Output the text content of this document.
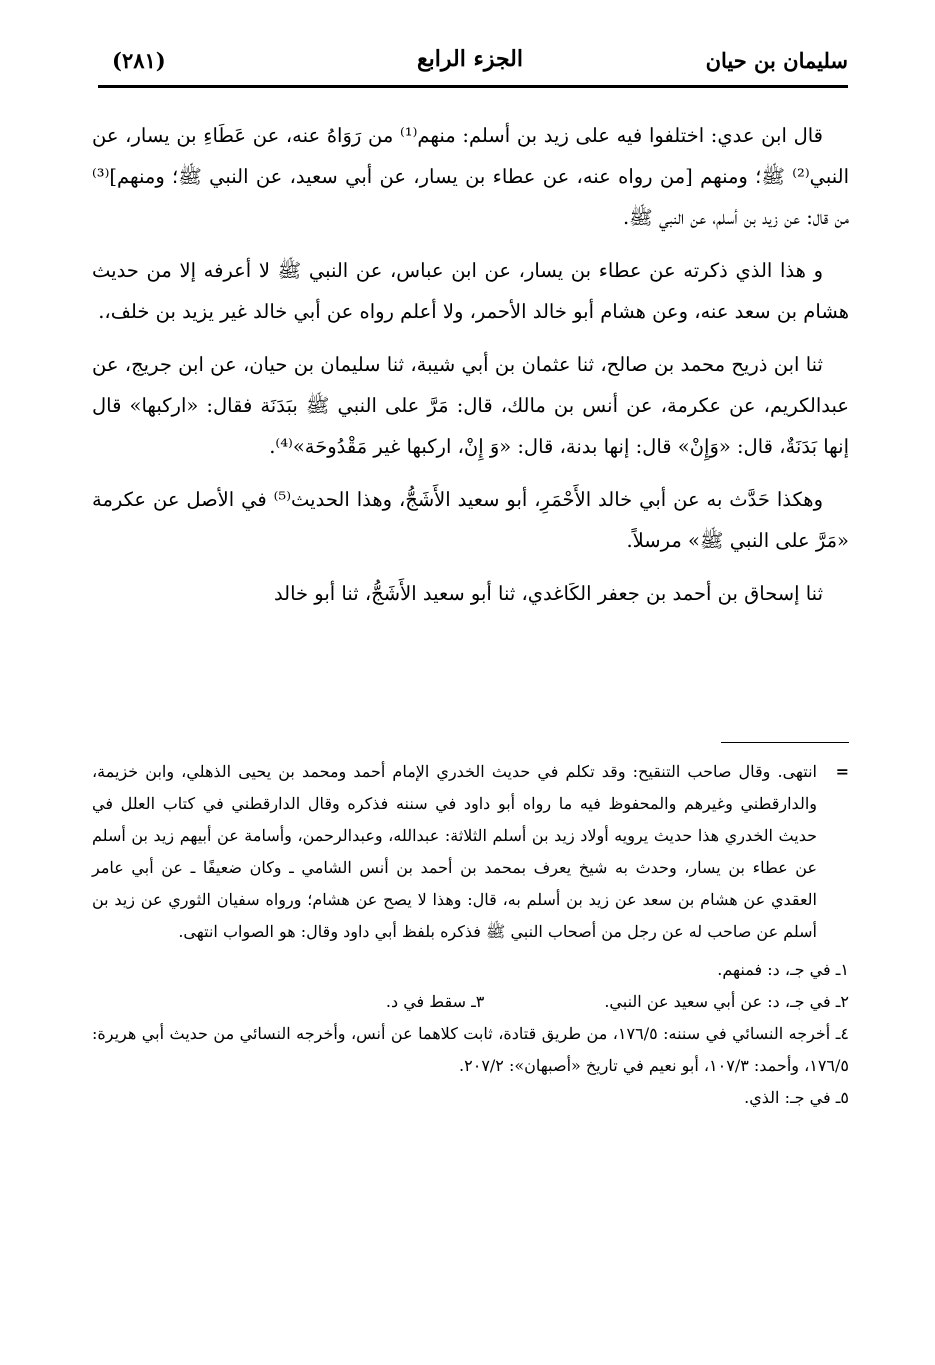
سليمان بن حيان
الجزء الرابع
(٢٨١)

قال ابن عدي: اختلفوا فيه على زيد بن أسلم: منهم⁽¹⁾ من رَوَاهُ عنه، عن عَطَاءِ بن يسار، عن النبي⁽²⁾ ﷺ؛ ومنهم [من رواه عنه، عن عطاء بن يسار، عن أبي سعيد، عن النبي ﷺ؛ ومنهم]⁽³⁾ من قال: عن زيد بن أسلم، عن النبي ﷺ.

و هذا الذي ذكرته عن عطاء بن يسار، عن ابن عباس، عن النبي ﷺ لا أعرفه إلا من حديث هشام بن سعد عنه، وعن هشام أبو خالد الأحمر، ولا أعلم رواه عن أبي خالد غير يزيد بن خلف،.

ثنا ابن ذريح محمد بن صالح، ثنا عثمان بن أبي شيبة، ثنا سليمان بن حيان، عن ابن جريج، عن عبدالكريم، عن عكرمة، عن أنس بن مالك، قال: مَرَّ على النبي ﷺ ببَدَنَة فقال: «اركبها» قال إنها بَدَنَةٌ، قال: «وَإِنْ» قال: إنها بدنة، قال: «وَ إِنْ، اركبها غير مَقْدُوحَة»⁽⁴⁾.

وهكذا حَدَّث به عن أبي خالد الأَحْمَرِ، أبو سعيد الأَشَجُّ، وهذا الحديث⁽⁵⁾ في الأصل عن عكرمة «مَرَّ على النبي ﷺ» مرسلاً.

ثنا إسحاق بن أحمد بن جعفر الكَاغدي، ثنا أبو سعيد الأَشَجُّ، ثنا أبو خالد

=
انتهى. وقال صاحب التنقيح: وقد تكلم في حديث الخدري الإمام أحمد ومحمد بن يحيى الذهلي، وابن خزيمة، والدارقطني وغيرهم والمحفوظ فيه ما رواه أبو داود في سننه فذكره وقال الدارقطني في كتاب العلل في حديث الخدري هذا حديث يرويه أولاد زيد بن أسلم الثلاثة: عبدالله، وعبدالرحمن، وأسامة عن أبيهم زيد بن أسلم عن عطاء بن يسار، وحدث به شيخ يعرف بمحمد بن أحمد بن أنس الشامي ـ وكان ضعيفًا ـ عن أبي عامر العقدي عن هشام بن سعد عن زيد بن أسلم به، قال: وهذا لا يصح عن هشام؛ ورواه سفيان الثوري عن زيد بن أسلم عن صاحب له عن رجل من أصحاب النبي ﷺ فذكره بلفظ أبي داود وقال: هو الصواب انتهى.

١ـ في جـ، د: فمنهم.

٢ـ في جـ، د: عن أبي سعيد عن النبي.

٣ـ سقط في د.

٤ـ أخرجه النسائي في سننه: ١٧٦/٥، من طريق قتادة، ثابت كلاهما عن أنس، وأخرجه النسائي من حديث أبي هريرة: ١٧٦/٥، وأحمد: ١٠٧/٣، أبو نعيم في تاريخ «أصبهان»: ٢٠٧/٢.

٥ـ في جـ: الذي.
